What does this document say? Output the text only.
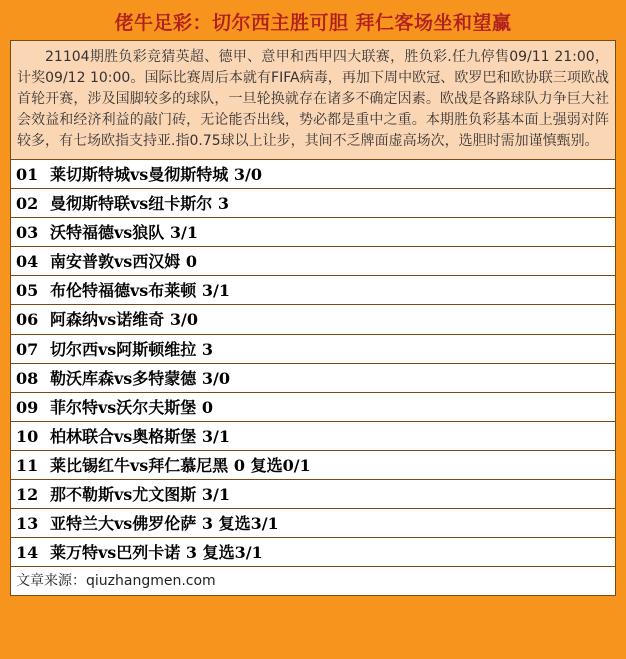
佬牛足彩：切尔西主胜可胆 拜仁客场坐和望赢
21104期胜负彩竞猜英超、德甲、意甲和西甲四大联赛，胜负彩.任九停售09/11 21:00，计奖09/12 10:00。国际比赛周后本就有FIFA病毒，再加下周中欧冠、欧罗巴和欧协联三项欧战首轮开赛，涉及国脚较多的球队，一旦轮换就存在诸多不确定因素。欧战是各路球队力争巨大社会效益和经济利益的敲门砖，无论能否出线，势必都是重中之重。本期胜负彩基本面上强弱对阵较多，有七场欧指支持亚.指0.75球以上让步，其间不乏牌面虚高场次，选胆时需加谨慎甄别。
01 莱切斯特城vs曼彻斯特城 3/0
02 曼彻斯特联vs纽卡斯尔 3
03 沃特福德vs狼队 3/1
04 南安普敦vs西汉姆 0
05 布伦特福德vs布莱顿 3/1
06 阿森纳vs诺维奇 3/0
07 切尔西vs阿斯顿维拉 3
08 勒沃库森vs多特蒙德 3/0
09 菲尔特vs沃尔夫斯堡 0
10 柏林联合vs奥格斯堡 3/1
11 莱比锡红牛vs拜仁慕尼黑 0 复选0/1
12 那不勒斯vs尤文图斯 3/1
13 亚特兰大vs佛罗伦萨 3 复选3/1
14 莱万特vs巴列卡诺 3 复选3/1
文章来源：qiuzhangmen.com
